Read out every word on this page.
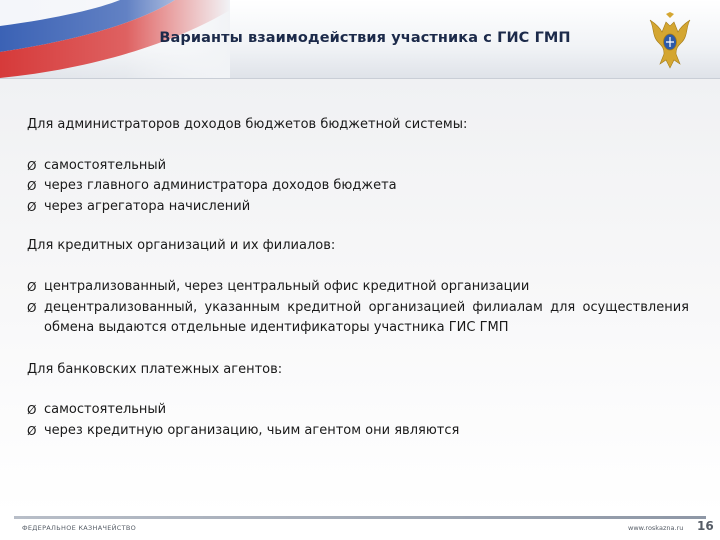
Варианты взаимодействия участника с ГИС ГМП
Для администраторов доходов бюджетов бюджетной системы:
Ø самостоятельный
Ø через главного администратора доходов бюджета
Ø через агрегатора начислений
Для кредитных организаций и их филиалов:
Ø централизованный, через центральный офис кредитной организации
Ø децентрализованный, указанным кредитной организацией филиалам для осуществления обмена выдаются отдельные идентификаторы участника ГИС ГМП
Для банковских платежных агентов:
Ø самостоятельный
Ø через кредитную организацию, чьим агентом они являются
ФЕДЕРАЛЬНОЕ КАЗНАЧЕЙСТВО	www.roskazna.ru 16
